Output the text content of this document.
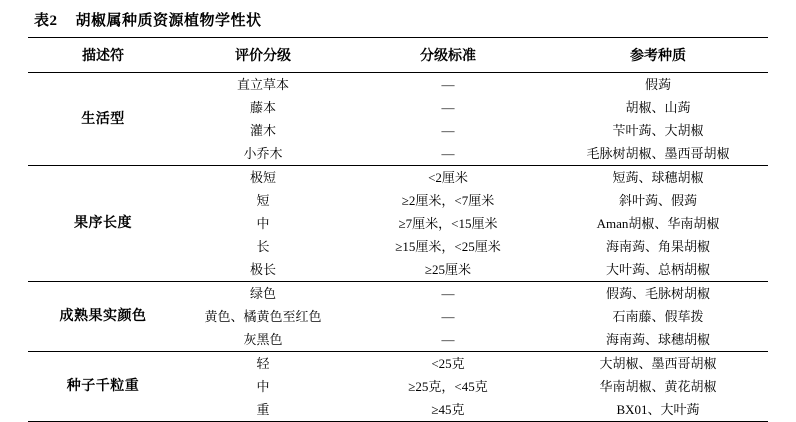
表2 胡椒属种质资源植物学性状
描述符	评价分级	分级标准	参考种质
生活型	直立草本	—	假蒟
	藤本	—	胡椒、山蒟
	灌木	—	芐叶蒟、大胡椒
	小乔木	—	毛脉树胡椒、墨西哥胡椒
果序长度	极短	<2厘米	短蒟、球穗胡椒
	短	≥2厘米，<7厘米	斜叶蒟、假蒟
	中	≥7厘米，<15厘米	Aman胡椒、华南胡椒
	长	≥15厘米，<25厘米	海南蒟、角果胡椒
	极长	≥25厘米	大叶蒟、总柄胡椒
成熟果实颜色	绿色	—	假蒟、毛脉树胡椒
	黄色、橘黄色至红色	—	石南藤、假荜拨
	灰黑色	—	海南蒟、球穗胡椒
种子千粒重	轻	<25克	大胡椒、墨西哥胡椒
	中	≥25克，<45克	华南胡椒、黄花胡椒
	重	≥45克	BX01、大叶蒟
